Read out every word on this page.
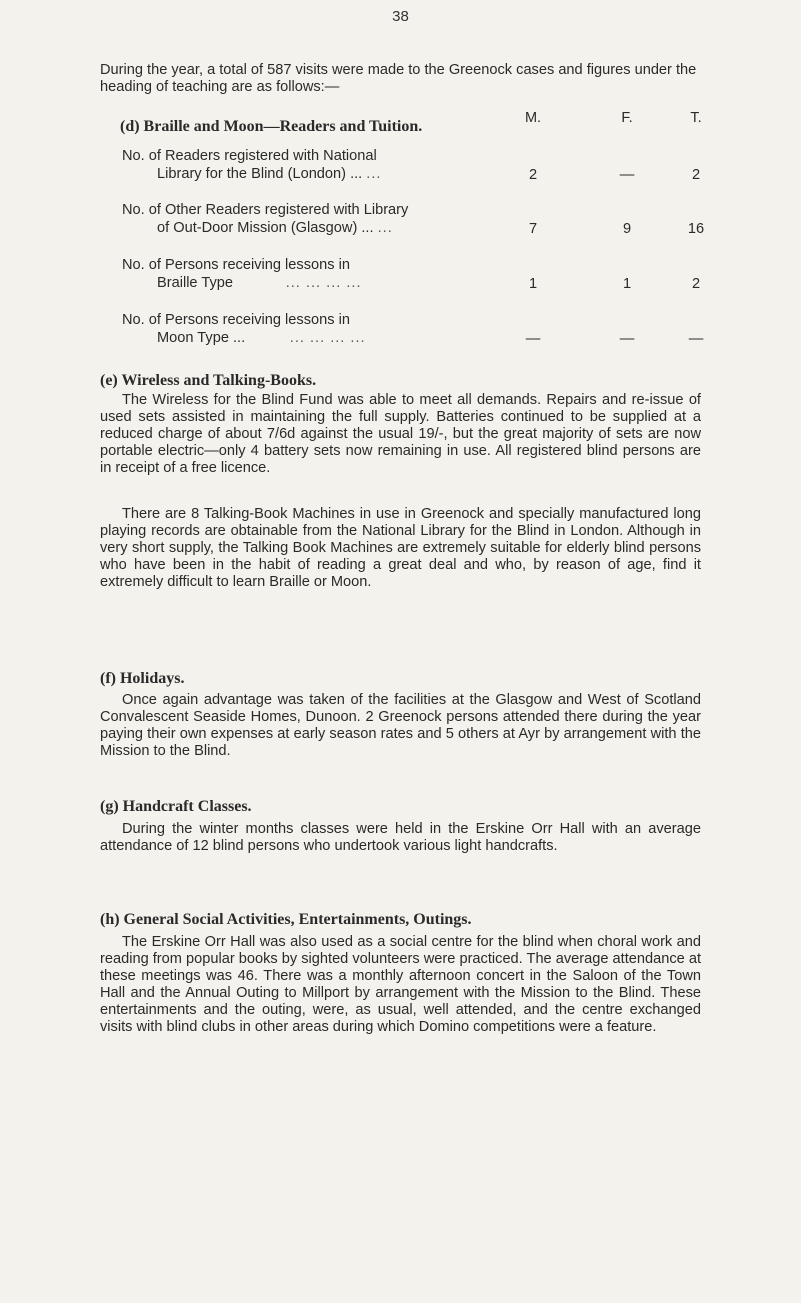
38

During the year, a total of 587 visits were made to the Greenock cases and figures under the heading of teaching are as follows:—

(d) Braille and Moon—Readers and Tuition.	M.	F.	T.
No. of Readers registered with National
Library for the Blind (London) ... ...	2	—	2
No. of Other Readers registered with Library
of Out-Door Mission (Glasgow) ... ...	7	9	16
No. of Persons receiving lessons in
Braille Type	... ... ... ...	1	1	2
No. of Persons receiving lessons in
Moon Type ...	... ... ... ...	—	—	—
(e) Wireless and Talking-Books.

The Wireless for the Blind Fund was able to meet all demands. Repairs and re-issue of used sets assisted in maintaining the full supply. Batteries continued to be supplied at a reduced charge of about 7/6d against the usual 19/-, but the great majority of sets are now portable electric—only 4 battery sets now remaining in use. All registered blind persons are in receipt of a free licence.

There are 8 Talking-Book Machines in use in Greenock and specially manufactured long playing records are obtainable from the National Library for the Blind in London. Although in very short supply, the Talking Book Machines are extremely suitable for elderly blind persons who have been in the habit of reading a great deal and who, by reason of age, find it extremely difficult to learn Braille or Moon.

(f) Holidays.

Once again advantage was taken of the facilities at the Glasgow and West of Scotland Convalescent Seaside Homes, Dunoon. 2 Greenock persons attended there during the year paying their own expenses at early season rates and 5 others at Ayr by arrangement with the Mission to the Blind.

(g) Handcraft Classes.

During the winter months classes were held in the Erskine Orr Hall with an average attendance of 12 blind persons who undertook various light handcrafts.

(h) General Social Activities, Entertainments, Outings.

The Erskine Orr Hall was also used as a social centre for the blind when choral work and reading from popular books by sighted volunteers were practiced. The average attendance at these meetings was 46. There was a monthly afternoon concert in the Saloon of the Town Hall and the Annual Outing to Millport by arrangement with the Mission to the Blind. These entertainments and the outing, were, as usual, well attended, and the centre exchanged visits with blind clubs in other areas during which Domino competitions were a feature.
